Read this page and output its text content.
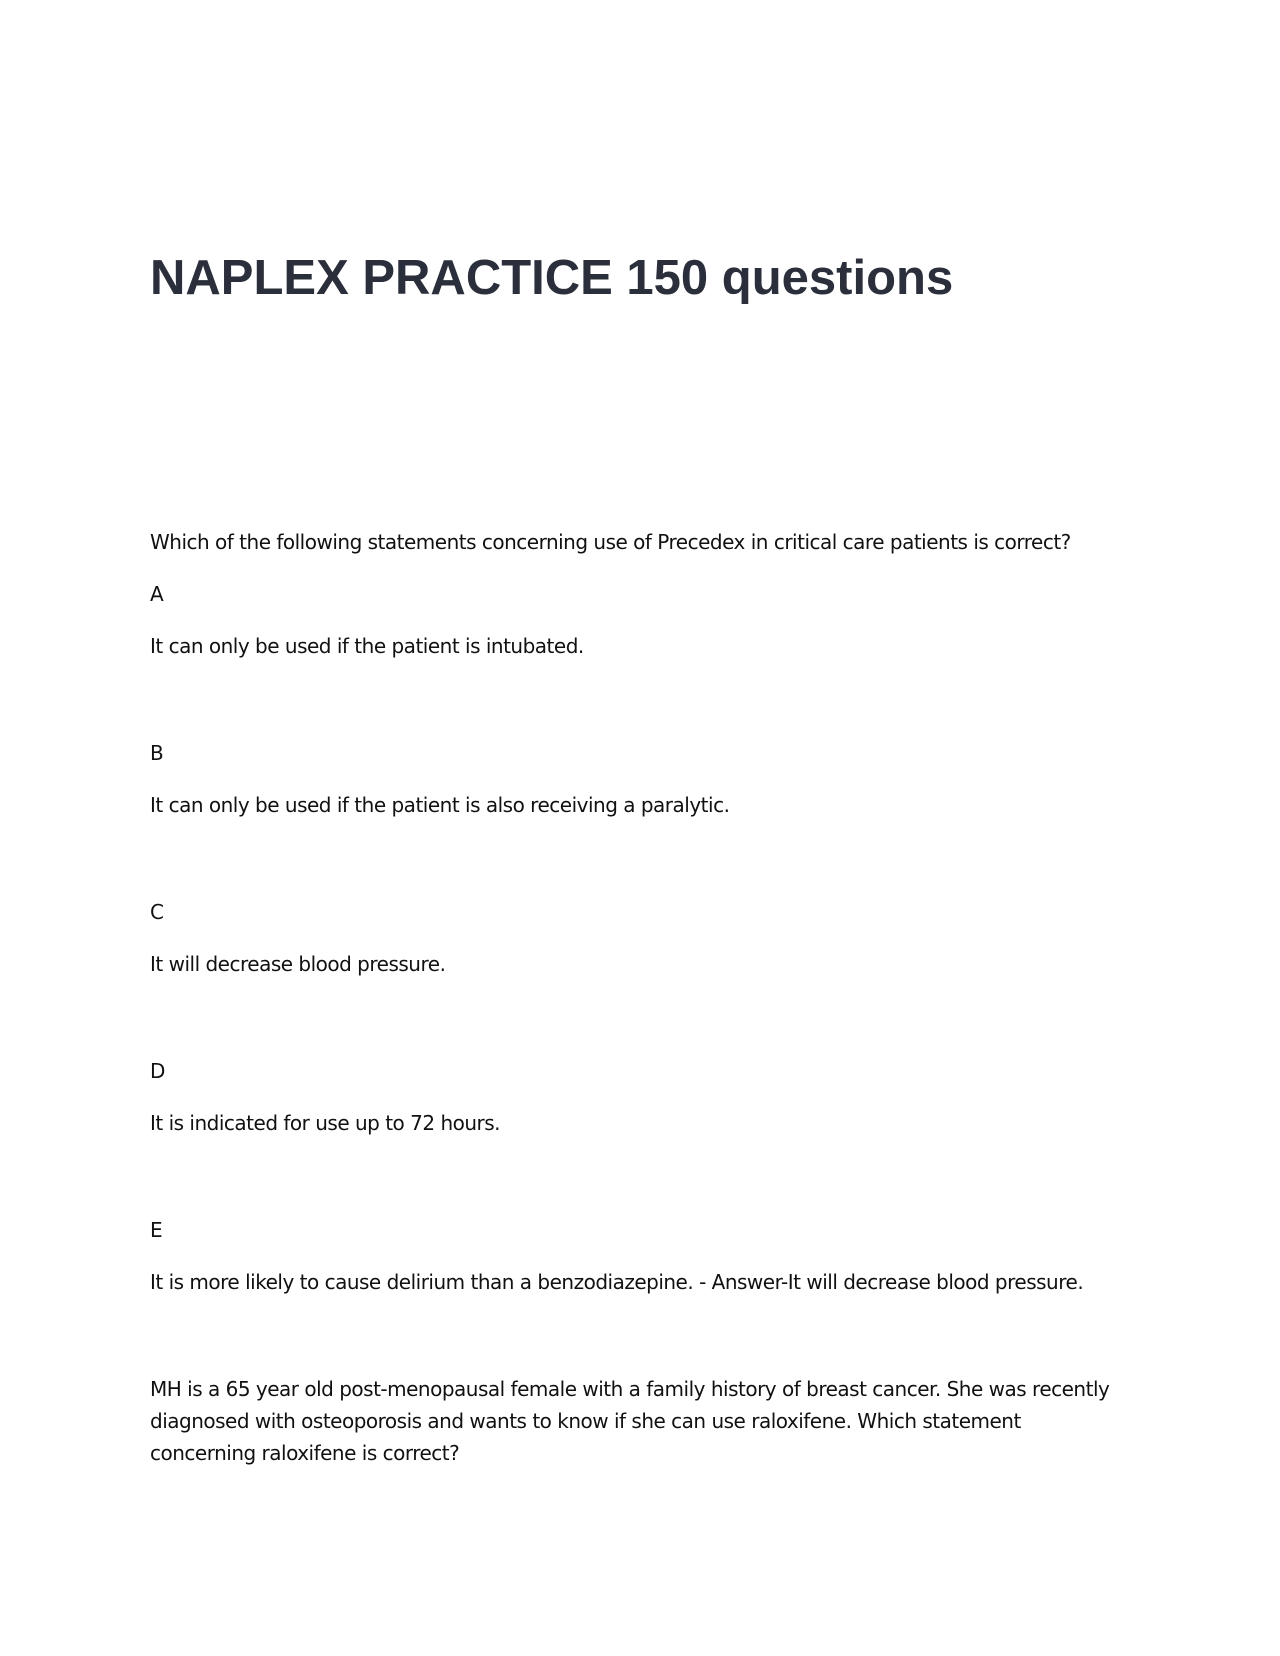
NAPLEX PRACTICE 150 questions

Which of the following statements concerning use of Precedex in critical care patients is correct?

A

It can only be used if the patient is intubated.

B

It can only be used if the patient is also receiving a paralytic.

C

It will decrease blood pressure.

D

It is indicated for use up to 72 hours.

E

It is more likely to cause delirium than a benzodiazepine. - Answer-It will decrease blood pressure.

MH is a 65 year old post-menopausal female with a family history of breast cancer. She was recently diagnosed with osteoporosis and wants to know if she can use raloxifene. Which statement concerning raloxifene is correct?
